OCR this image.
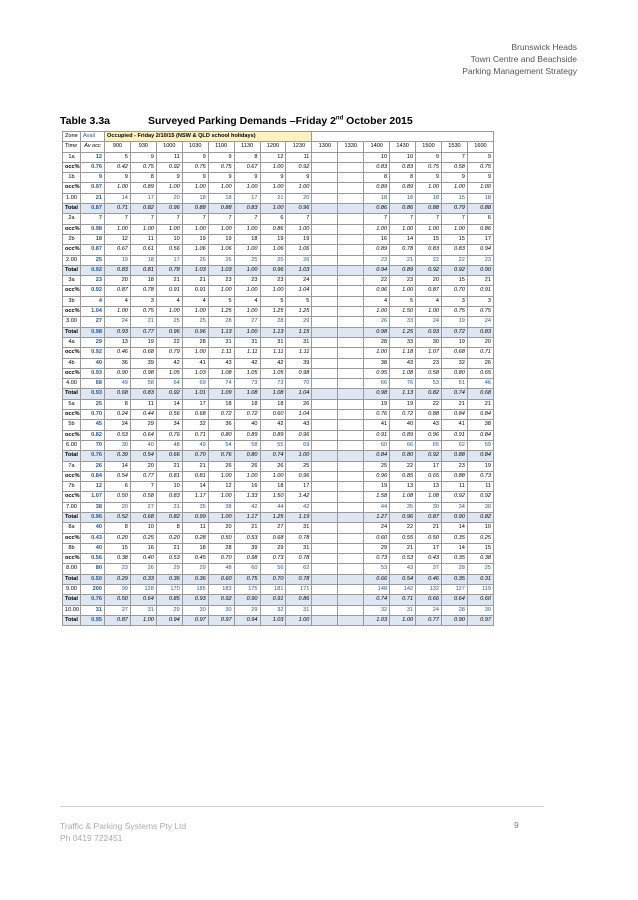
Brunswick Heads
Town Centre and Beachside
Parking Management Strategy
Table 3.3a	Surveyed Parking Demands –Friday 2nd October 2015
Zone	Avail	Occupied - Friday 2/10/15 (NSW & QLD school holidays)														
Time	Av occ	900	930	1000	1030	1100	1130	1200	1230	1300	1330	1400	1430	1500	1530	1600
1a	12	5	9	11	9	9	8	12	11			10	10	9	7	9
occ%	0.76	0.42	0.75	0.92	0.75	0.75	0.67	1.00	0.92			0.83	0.83	0.75	0.58	0.75
1b	9	9	8	9	9	9	9	9	9			8	8	9	9	9
occ%	0.97	1.00	0.89	1.00	1.00	1.00	1.00	1.00	1.00			0.89	0.89	1.00	1.00	1.00
1.00	21	14	17	20	18	18	17	21	20			18	18	18	15	18
Total	0.87	0.71	0.82	0.96	0.88	0.88	0.83	1.00	0.96			0.86	0.86	0.88	0.79	0.88
2a	7	7	7	7	7	7	7	6	7			7	7	7	7	6
occ%	0.98	1.00	1.00	1.00	1.00	1.00	1.00	0.86	1.00			1.00	1.00	1.00	1.00	0.86
2b	18	12	11	10	19	19	18	19	19			16	14	15	15	17
occ%	0.87	0.67	0.61	0.56	1.06	1.06	1.00	1.06	1.06			0.89	0.78	0.83	0.83	0.94
2.00	25	19	18	17	26	26	25	25	26			23	21	22	22	23
Total	0.92	0.83	0.81	0.78	1.03	1.03	1.00	0.96	1.03			0.94	0.89	0.92	0.92	0.90
3a	23	20	18	21	21	23	23	23	24			22	23	20	15	21
occ%	0.92	0.87	0.78	0.91	0.91	1.00	1.00	1.00	1.04			0.96	1.00	0.87	0.70	0.91
3b	4	4	3	4	4	5	4	5	5			4	5	4	3	3
occ%	1.04	1.00	0.75	1.00	1.00	1.25	1.00	1.25	1.25			1.00	1.50	1.00	0.75	0.75
3.00	27	24	21	25	25	28	27	28	29			26	33	24	19	24
Total	0.98	0.93	0.77	0.96	0.96	1.13	1.00	1.13	1.15			0.98	1.25	0.93	0.72	0.83
4a	29	13	19	22	28	31	31	31	31			28	33	30	19	20
occ%	0.92	0.46	0.68	0.79	1.00	1.11	1.11	1.11	1.11			1.00	1.18	1.07	0.68	0.71
4b	40	36	39	42	41	43	42	42	39			38	43	23	32	26
occ%	0.93	0.90	0.98	1.05	1.03	1.08	1.05	1.05	0.98			0.95	1.08	0.58	0.80	0.65
4.00	68	49	58	64	69	74	73	73	70			66	76	53	51	46
Total	0.93	0.68	0.83	0.92	1.01	1.09	1.08	1.08	1.04			0.98	1.13	0.82	0.74	0.68
5a	25	8	11	14	17	18	18	18	26			19	19	22	21	21
occ%	0.70	0.24	0.44	0.56	0.68	0.72	0.72	0.60	1.04			0.76	0.72	0.88	0.84	0.84
5b	45	24	29	34	32	36	40	42	43			41	40	43	41	38
occ%	0.82	0.53	0.64	0.76	0.71	0.80	0.89	0.89	0.96			0.91	0.89	0.96	0.91	0.84
6.00	70	30	40	48	49	54	58	55	69			60	66	65	62	59
Total	0.76	0.39	0.54	0.66	0.70	0.76	0.80	0.74	1.00			0.84	0.80	0.92	0.88	0.84
7a	26	14	20	21	21	26	26	26	25			25	22	17	23	19
occ%	0.84	0.54	0.77	0.81	0.81	1.00	1.00	1.00	0.96			0.96	0.85	0.65	0.88	0.73
7b	12	6	7	10	14	12	16	18	17			19	13	13	11	11
occ%	1.07	0.50	0.58	0.83	1.17	1.00	1.33	1.50	1.42			1.58	1.08	1.08	0.92	0.92
7.00	38	20	27	31	35	38	42	44	42			44	35	30	34	30
Total	0.96	0.52	0.68	0.82	0.99	1.00	1.17	1.25	1.19			1.27	0.96	0.87	0.90	0.82
8a	40	8	10	8	11	20	21	27	31			24	22	21	14	10
occ%	0.43	0.20	0.25	0.20	0.28	0.50	0.53	0.68	0.78			0.60	0.55	0.50	0.35	0.25
8b	40	15	16	21	18	28	39	29	31			29	21	17	14	15
occ%	0.56	0.38	0.40	0.53	0.45	0.70	0.98	0.73	0.78			0.73	0.53	0.43	0.35	0.38
8.00	80	23	26	29	29	48	60	56	62			53	43	37	28	25
Total	0.50	0.29	0.33	0.36	0.36	0.60	0.75	0.70	0.78			0.66	0.54	0.46	0.35	0.31
9.00	200	99	128	170	185	183	175	181	171			148	142	132	127	119
Total	0.76	0.50	0.64	0.85	0.93	0.92	0.90	0.91	0.86			0.74	0.71	0.66	0.64	0.60
10.00	31	27	31	29	30	30	29	32	31			32	31	24	28	30
Total	0.95	0.87	1.00	0.94	0.97	0.97	0.94	1.03	1.00			1.03	1.00	0.77	0.90	0.97
Traffic & Parking Systems Pty Ltd
Ph 0419 722451
9
